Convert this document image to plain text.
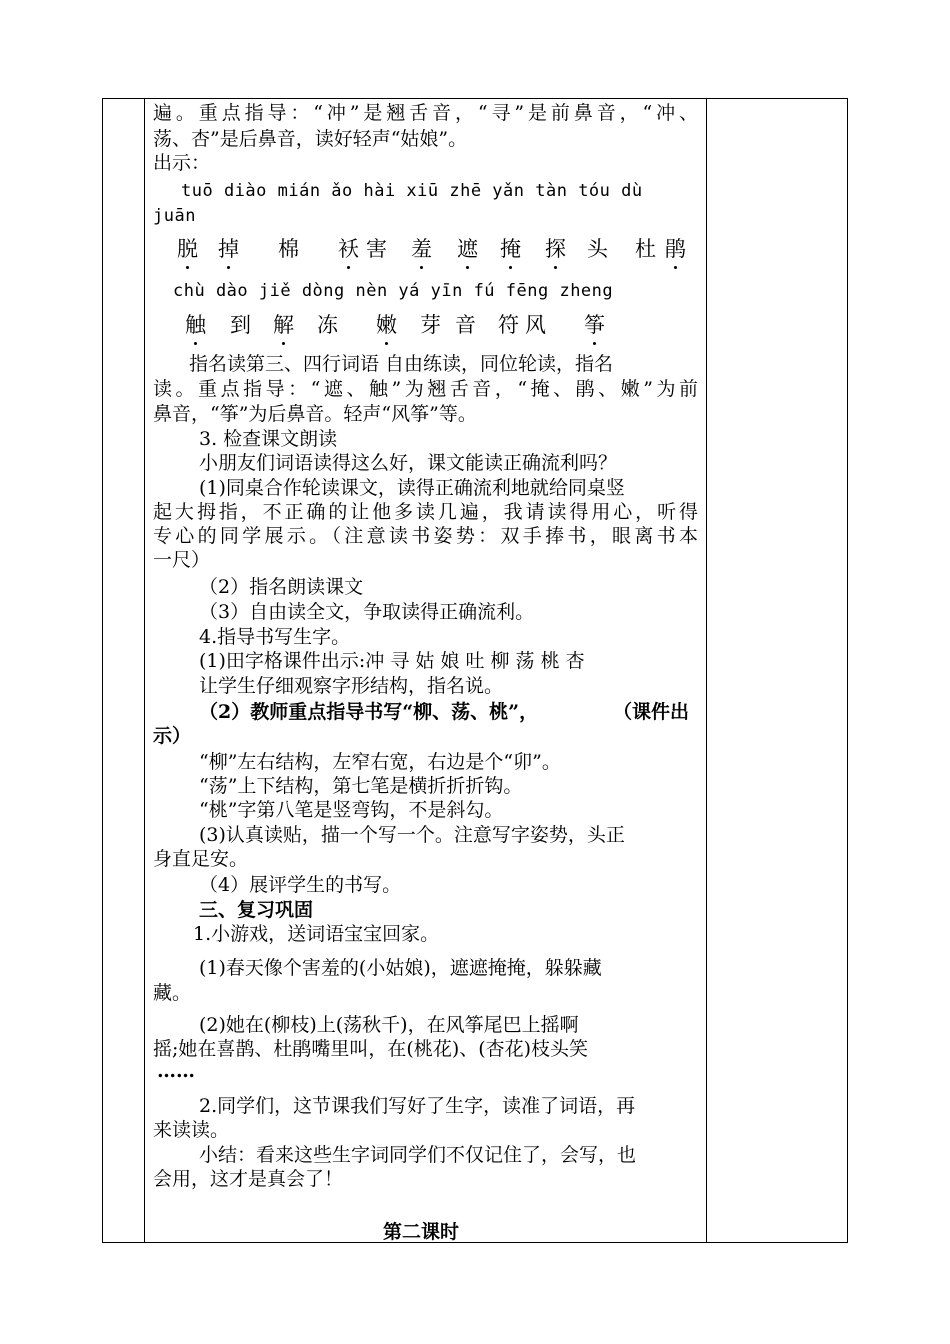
遍。重点指导：“冲”是翘舌音，“寻”是前鼻音，“冲、
荡、杏”是后鼻音，读好轻声“姑娘”。
出示：
tuō diào mián ǎo hài xiū zhē yǎn tàn tóu dù
juān
脱 掉 棉 袄 害 羞 遮 掩 探 头 杜 鹃
chù dào jiě dòng nèn yá yīn fú fēng zheng
触 到 解 冻 嫩 芽 音 符 风 筝
指名读第三、四行词语 自由练读，同位轮读，指名
读。重点指导：“遮、触”为翘舌音，“掩、鹃、嫩”为前
鼻音，“筝”为后鼻音。轻声“风筝”等。
3. 检查课文朗读
小朋友们词语读得这么好，课文能读正确流利吗？
(1)同桌合作轮读课文，读得正确流利地就给同桌竖
起大拇指，不正确的让他多读几遍，我请读得用心，听得
专心的同学展示。（注意读书姿势：双手捧书，眼离书本
一尺）
（2）指名朗读课文
（3）自由读全文，争取读得正确流利。
4.指导书写生字。
(1)田字格课件出示:冲 寻 姑 娘 吐 柳 荡 桃 杏
让学生仔细观察字形结构，指名说。
（2）教师重点指导书写“柳、荡、桃”，	（课件出
示）
“柳”左右结构，左窄右宽，右边是个“卯”。
“荡”上下结构，第七笔是横折折折钩。
“桃”字第八笔是竖弯钩，不是斜勾。
(3)认真读贴，描一个写一个。注意写字姿势，头正
身直足安。
（4）展评学生的书写。
三、复习巩固
1.小游戏，送词语宝宝回家。
(1)春天像个害羞的(小姑娘)，遮遮掩掩，躲躲藏
藏。
(2)她在(柳枝)上(荡秋千)，在风筝尾巴上摇啊
摇;她在喜鹊、杜鹃嘴里叫，在(桃花)、(杏花)枝头笑
……
2.同学们，这节课我们写好了生字，读准了词语，再
来读读。
小结：看来这些生字词同学们不仅记住了，会写，也
会用，这才是真会了！
第二课时
